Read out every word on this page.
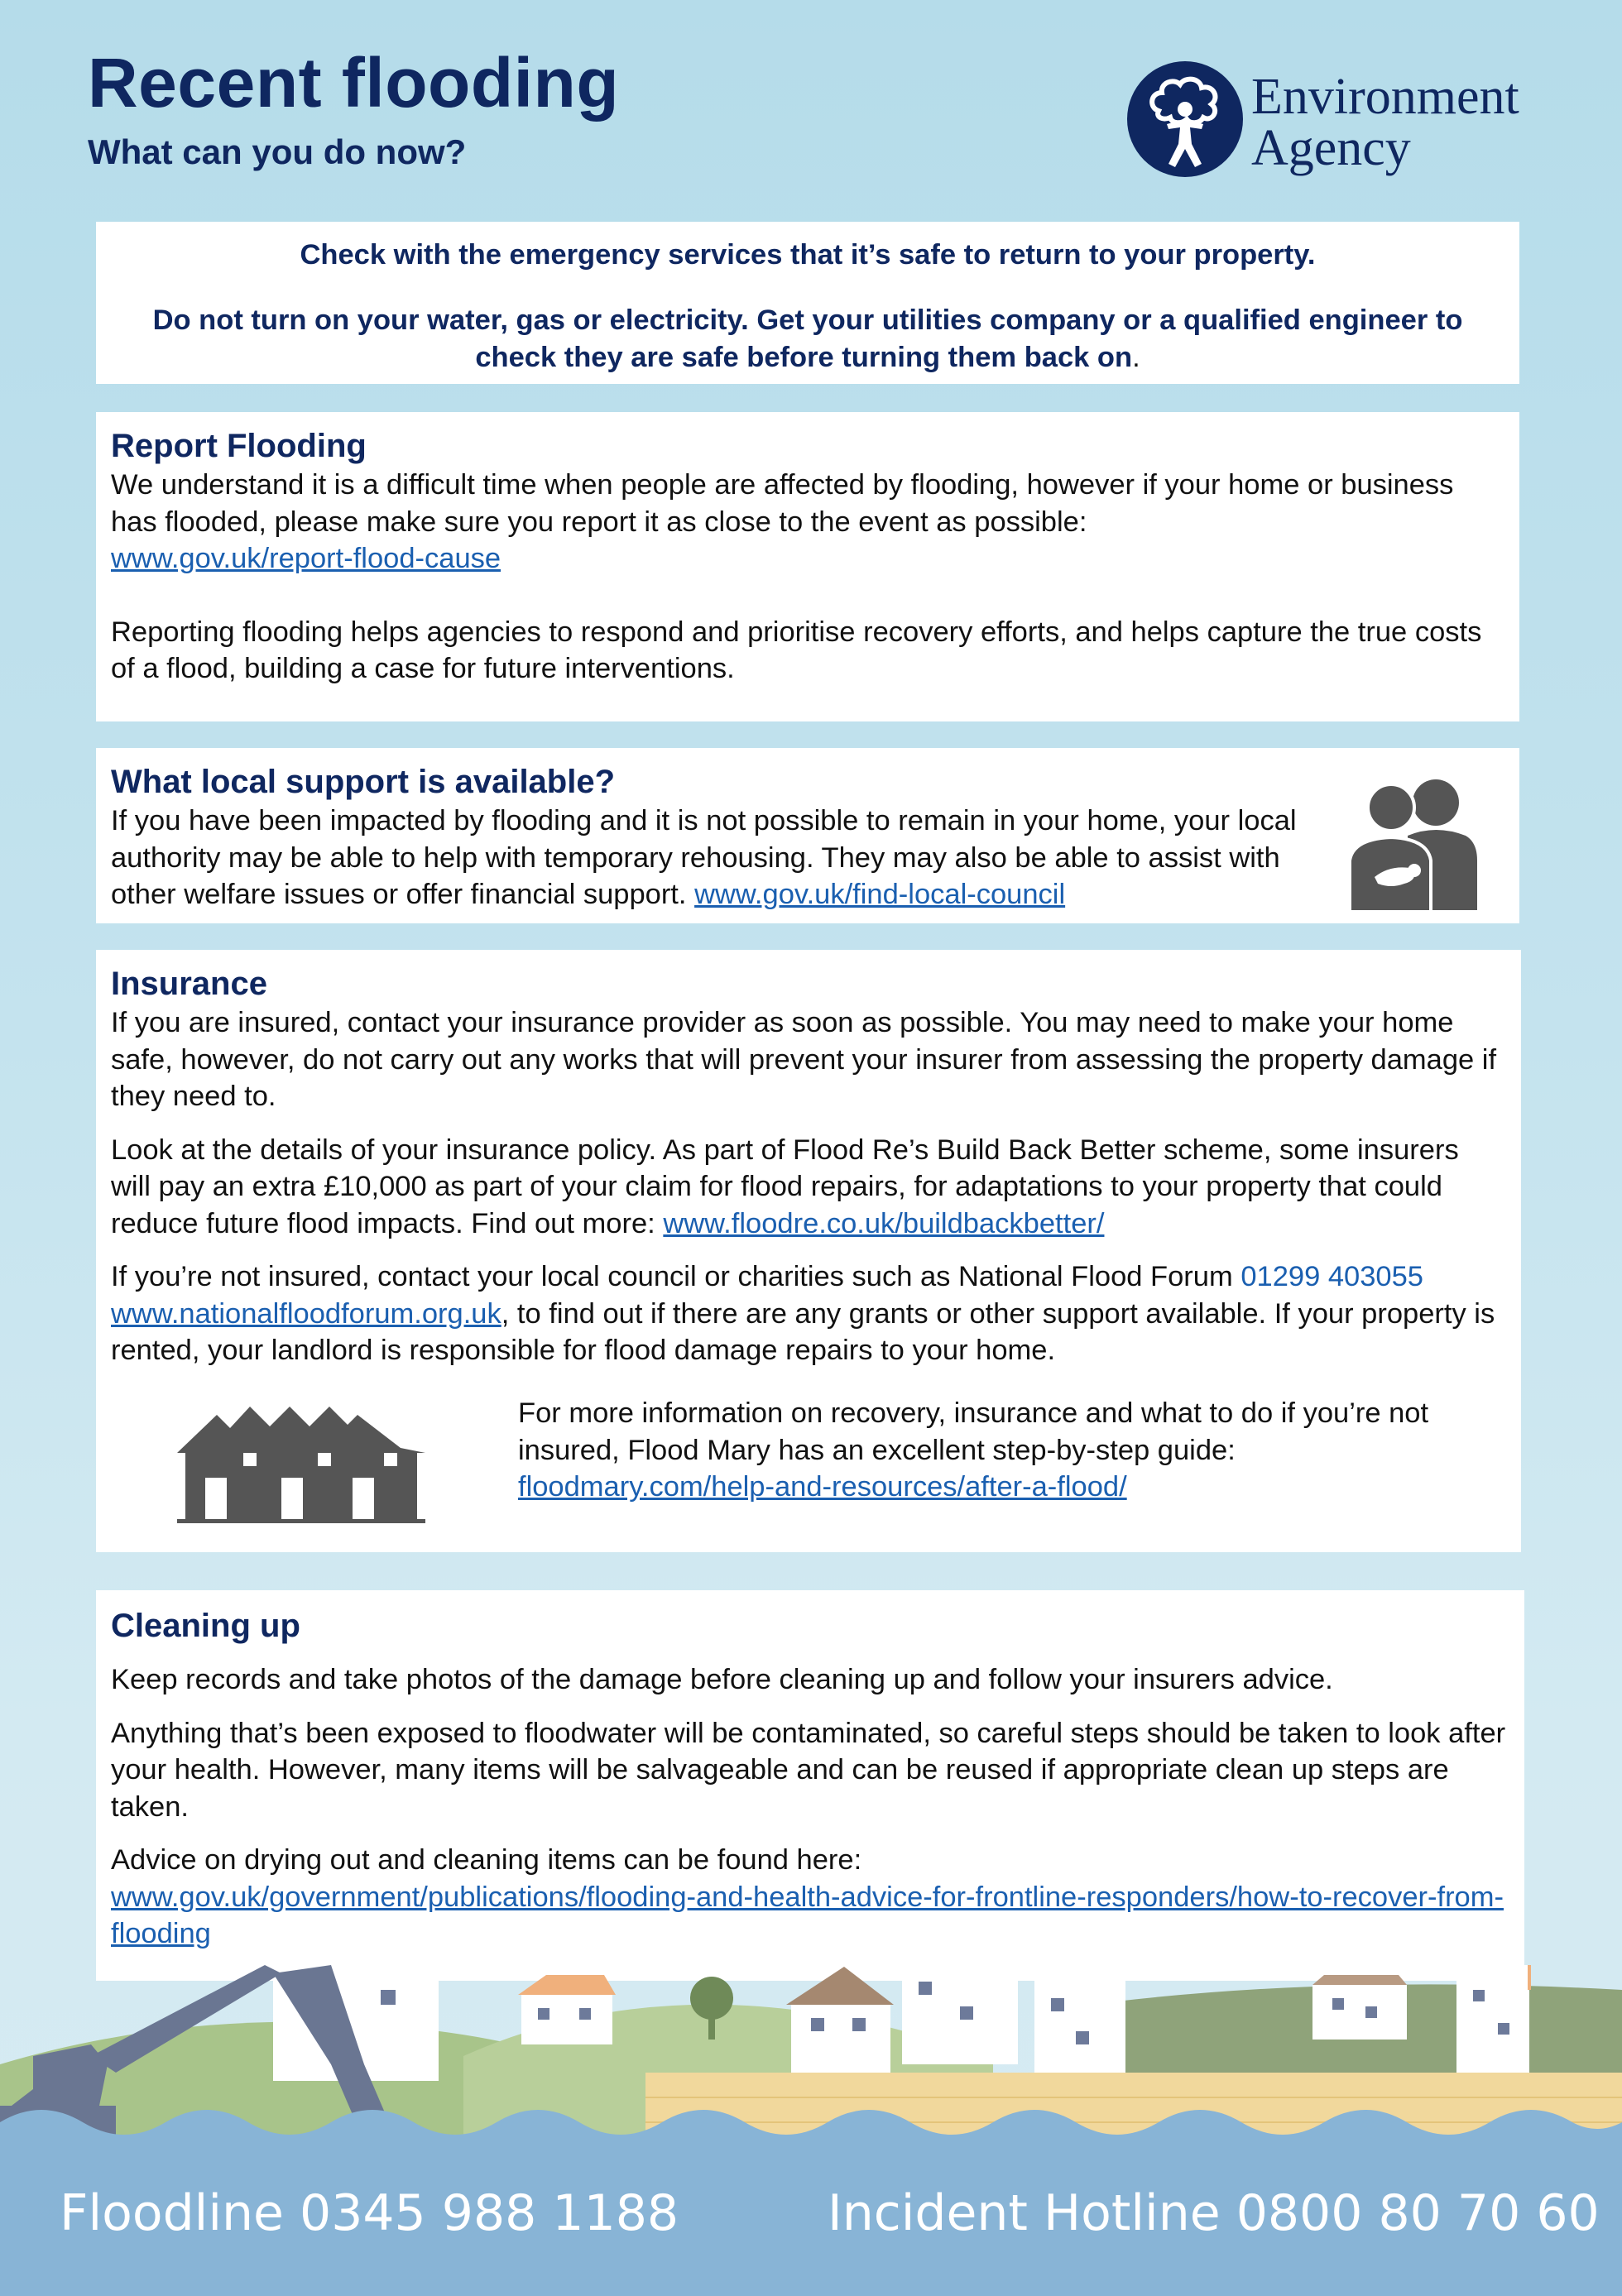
Recent flooding
What can you do now?
Environment
Agency

Check with the emergency services that it’s safe to return to your property.

Do not turn on your water, gas or electricity. Get your utilities company or a qualified engineer to check they are safe before turning them back on.

Report Flooding

We understand it is a difficult time when people are affected by flooding, however if your home or business has flooded, please make sure you report it as close to the event as possible:

www.gov.uk/report-flood-cause

Reporting flooding helps agencies to respond and prioritise recovery efforts, and helps capture the true costs of a flood, building a case for future interventions.

What local support is available?

If you have been impacted by flooding and it is not possible to remain in your home, your local authority may be able to help with temporary rehousing. They may also be able to assist with other welfare issues or offer financial support. www.gov.uk/find-local-council

Insurance

If you are insured, contact your insurance provider as soon as possible. You may need to make your home safe, however, do not carry out any works that will prevent your insurer from assessing the property damage if they need to.

Look at the details of your insurance policy. As part of Flood Re’s Build Back Better scheme, some insurers will pay an extra £10,000 as part of your claim for flood repairs, for adaptations to your property that could reduce future flood impacts. Find out more: www.floodre.co.uk/buildbackbetter/

If you’re not insured, contact your local council or charities such as National Flood Forum 01299 403055 www.nationalfloodforum.org.uk, to find out if there are any grants or other support available. If your property is rented, your landlord is responsible for flood damage repairs to your home.

For more information on recovery, insurance and what to do if you’re not insured, Flood Mary has an excellent step-by-step guide:
floodmary.com/help-and-resources/after-a-flood/

Cleaning up

Keep records and take photos of the damage before cleaning up and follow your insurers advice.

Anything that’s been exposed to floodwater will be contaminated, so careful steps should be taken to look after your health. However, many items will be salvageable and can be reused if appropriate clean up steps are taken.

Advice on drying out and cleaning items can be found here:

www.gov.uk/government/publications/flooding-and-health-advice-for-frontline-responders/how-to-recover-from-flooding

Floodline 0345 988 1188	Incident Hotline 0800 80 70 60
